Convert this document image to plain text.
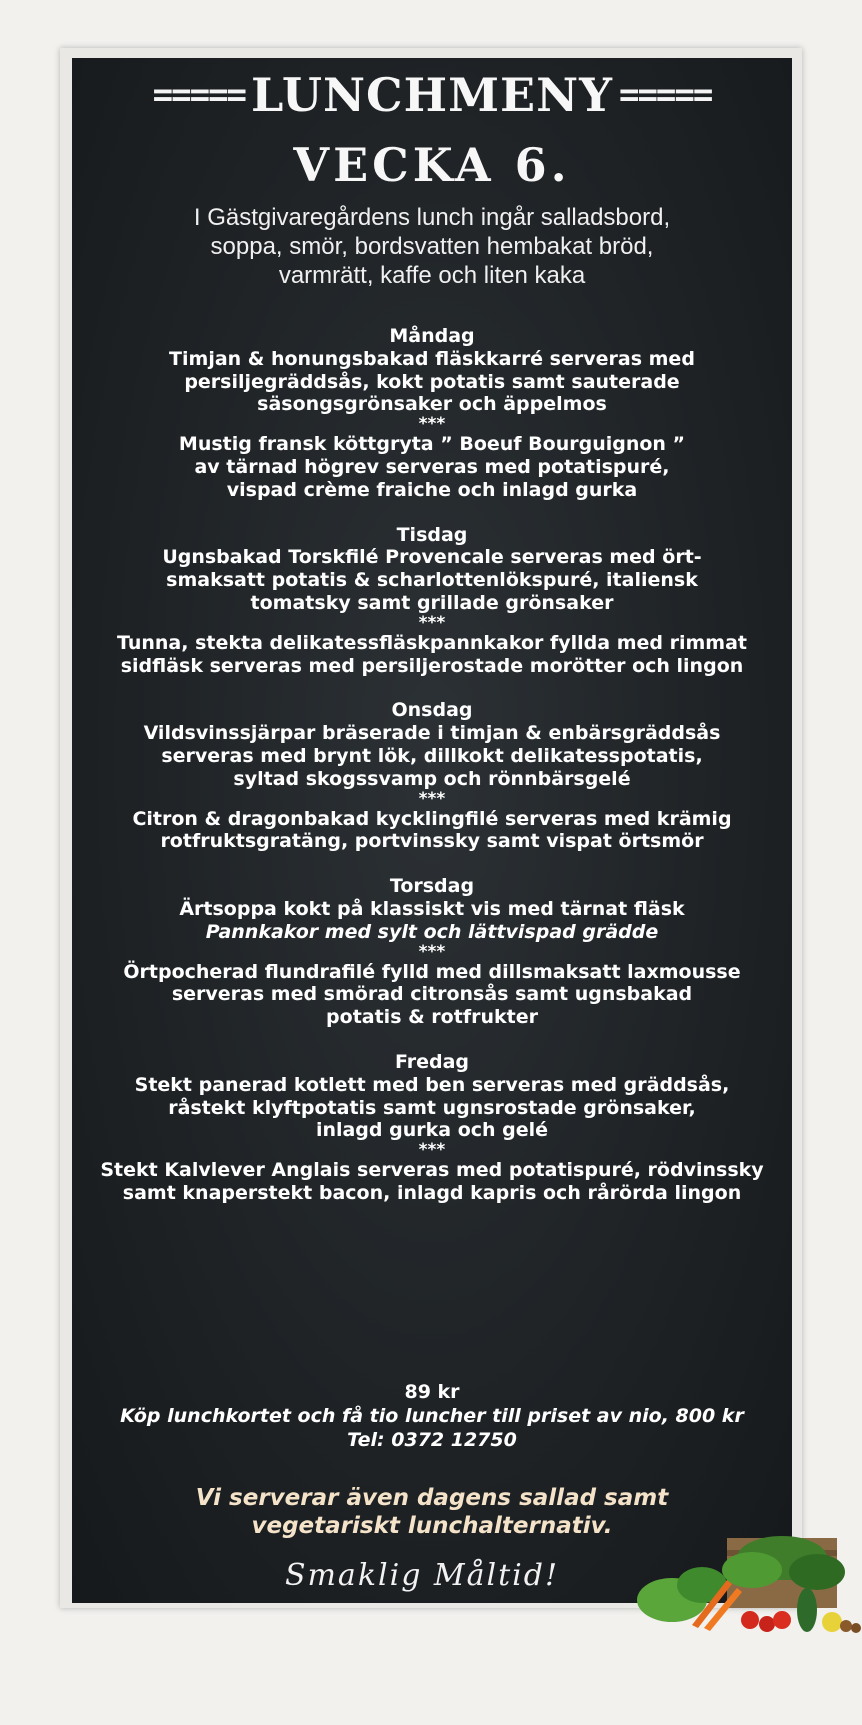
===== LUNCHMENY =====
VECKA 6.
I Gästgivaregårdens lunch ingår salladsbord,
soppa, smör, bordsvatten hembakat bröd,
varmrätt, kaffe och liten kaka
Måndag
Timjan & honungsbakad fläskkarré serveras med
persiljegräddsås, kokt potatis samt sauterade
säsongsgrönsaker och äppelmos
***
Mustig fransk köttgryta ” Boeuf Bourguignon ”
av tärnad högrev serveras med potatispuré,
vispad crème fraiche och inlagd gurka
Tisdag
Ugnsbakad Torskfilé Provencale serveras med ört-
smaksatt potatis & scharlottenlökspuré, italiensk
tomatsky samt grillade grönsaker
***
Tunna, stekta delikatessfläskpannkakor fyllda med rimmat
sidfläsk serveras med persiljerostade morötter och lingon
Onsdag
Vildsvinssjärpar bräserade i timjan & enbärsgräddsås
serveras med brynt lök, dillkokt delikatesspotatis,
syltad skogssvamp och rönnbärsgelé
***
Citron & dragonbakad kycklingfilé serveras med krämig
rotfruktsgratäng, portvinssky samt vispat örtsmör
Torsdag
Ärtsoppa kokt på klassiskt vis med tärnat fläsk
Pannkakor med sylt och lättvispad grädde
***
Örtpocherad flundrafilé fylld med dillsmaksatt laxmousse
serveras med smörad citronsås samt ugnsbakad
potatis & rotfrukter
Fredag
Stekt panerad kotlett med ben serveras med gräddsås,
råstekt klyftpotatis samt ugnsrostade grönsaker,
inlagd gurka och gelé
***
Stekt Kalvlever Anglais serveras med potatispuré, rödvinssky
samt knaperstekt bacon, inlagd kapris och rårörda lingon
89 kr
Köp lunchkortet och få tio luncher till priset av nio, 800 kr
Tel: 0372 12750
Vi serverar även dagens sallad samt
vegetariskt lunchalternativ.
Smaklig Måltid!
